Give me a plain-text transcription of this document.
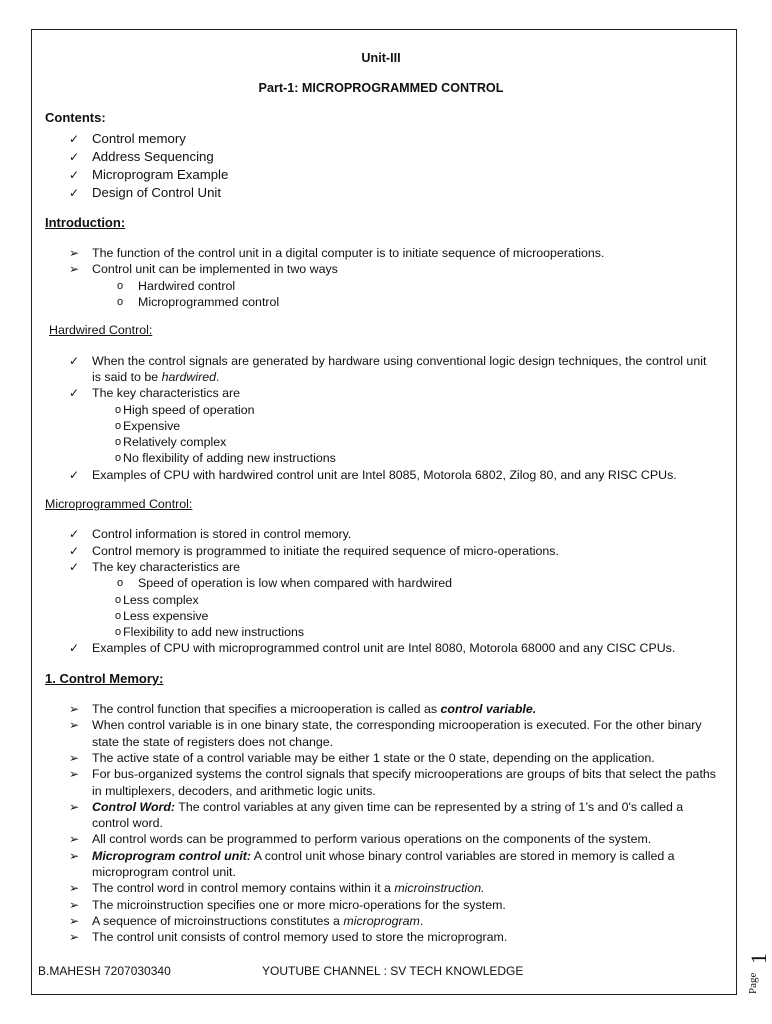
Unit-III
Part-1: MICROPROGRAMMED CONTROL
Contents:
✓ Control memory
✓ Address Sequencing
✓ Microprogram Example
✓ Design of Control Unit
Introduction:
➢ The function of the control unit in a digital computer is to initiate sequence of microoperations.
➢ Control unit can be implemented in two ways
o Hardwired control
o Microprogrammed control
Hardwired Control:
✓ When the control signals are generated by hardware using conventional logic design techniques, the control unit is said to be hardwired.
✓ The key characteristics are
o High speed of operation
o Expensive
o Relatively complex
o No flexibility of adding new instructions
✓ Examples of CPU with hardwired control unit are Intel 8085, Motorola 6802, Zilog 80, and any RISC CPUs.
Microprogrammed Control:
✓ Control information is stored in control memory.
✓ Control memory is programmed to initiate the required sequence of micro-operations.
✓ The key characteristics are
o Speed of operation is low when compared with hardwired
o Less complex
o Less expensive
o Flexibility to add new instructions
✓ Examples of CPU with microprogrammed control unit are Intel 8080, Motorola 68000 and any CISC CPUs.
1. Control Memory:
➢ The control function that specifies a microoperation is called as control variable.
➢ When control variable is in one binary state, the corresponding microoperation is executed. For the other binary state the state of registers does not change.
➢ The active state of a control variable may be either 1 state or the 0 state, depending on the application.
➢ For bus-organized systems the control signals that specify microoperations are groups of bits that select the paths in multiplexers, decoders, and arithmetic logic units.
➢ Control Word: The control variables at any given time can be represented by a string of 1’s and 0's called a control word.
➢ All control words can be programmed to perform various operations on the components of the system.
➢ Microprogram control unit: A control unit whose binary control variables are stored in memory is called a microprogram control unit.
➢ The control word in control memory contains within it a microinstruction.
➢ The microinstruction specifies one or more micro-operations for the system.
➢ A sequence of microinstructions constitutes a microprogram.
➢ The control unit consists of control memory used to store the microprogram.
B.MAHESH 7207030340	YOUTUBE CHANNEL : SV TECH KNOWLEDGE
Page
1
